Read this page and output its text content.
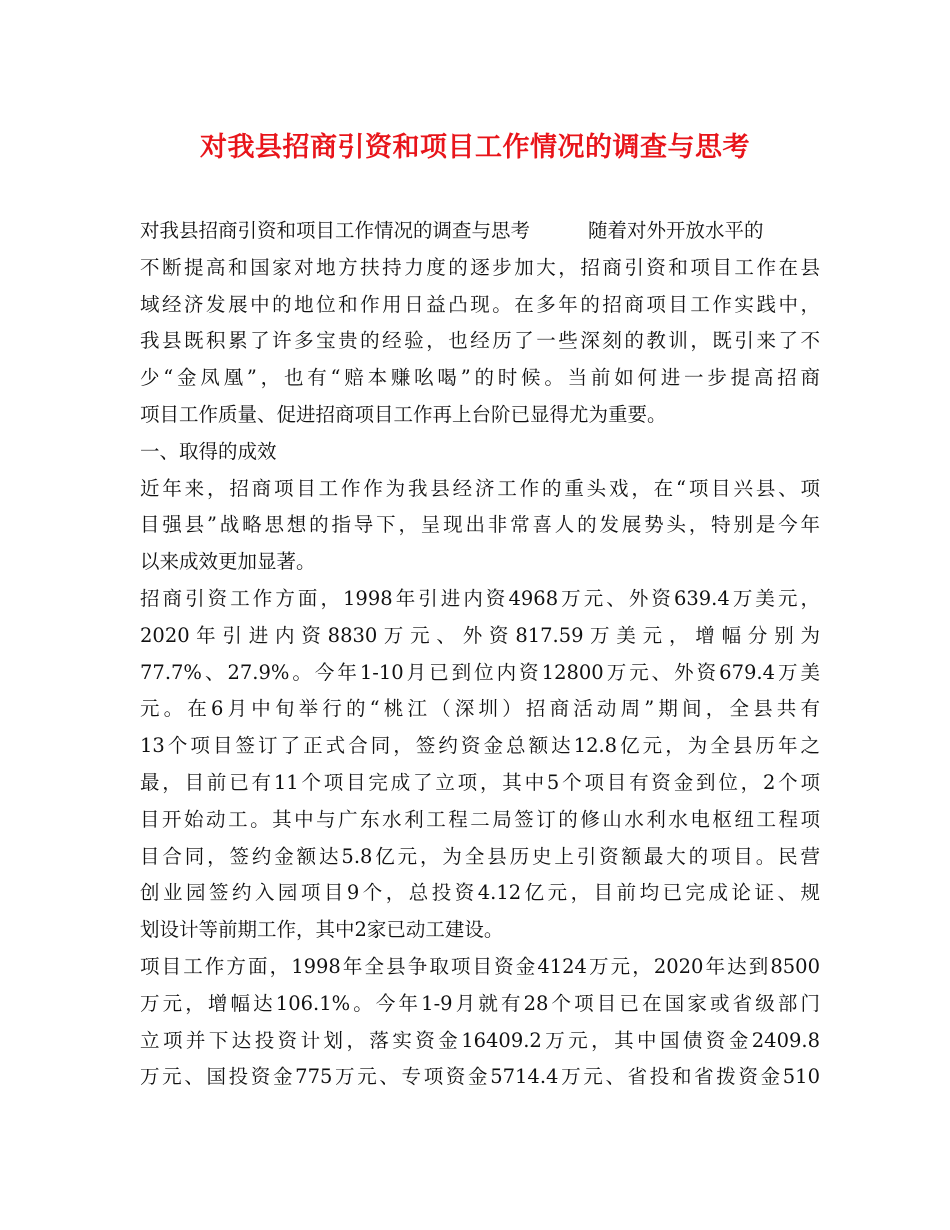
对我县招商引资和项目工作情况的调查与思考
对我县招商引资和项目工作情况的调查与思考	随着对外开放水平的
不断提高和国家对地方扶持力度的逐步加大，招商引资和项目工作在县
域经济发展中的地位和作用日益凸现。在多年的招商项目工作实践中，
我县既积累了许多宝贵的经验，也经历了一些深刻的教训，既引来了不
少“金凤凰”，也有“赔本赚吆喝”的时候。当前如何进一步提高招商
项目工作质量、促进招商项目工作再上台阶已显得尤为重要。
一、取得的成效
近年来，招商项目工作作为我县经济工作的重头戏，在“项目兴县、项
目强县”战略思想的指导下，呈现出非常喜人的发展势头，特别是今年
以来成效更加显著。
招商引资工作方面，1998年引进内资4968万元、外资639.4万美元，
2020 年 引 进 内 资 8830 万 元 、 外 资 817.59 万 美 元 ， 增 幅 分 别 为
77.7%、27.9%。今年1-10月已到位内资12800万元、外资679.4万美
元。在6月中旬举行的“桃江（深圳）招商活动周”期间，全县共有
13个项目签订了正式合同，签约资金总额达12.8亿元，为全县历年之
最，目前已有11个项目完成了立项，其中5个项目有资金到位，2个项
目开始动工。其中与广东水利工程二局签订的修山水利水电枢纽工程项
目合同，签约金额达5.8亿元，为全县历史上引资额最大的项目。民营
创业园签约入园项目9个，总投资4.12亿元，目前均已完成论证、规
划设计等前期工作，其中2家已动工建设。
项目工作方面，1998年全县争取项目资金4124万元，2020年达到8500
万元，增幅达106.1%。今年1-9月就有28个项目已在国家或省级部门
立项并下达投资计划，落实资金16409.2万元，其中国债资金2409.8
万元、国投资金775万元、专项资金5714.4万元、省投和省拨资金510
